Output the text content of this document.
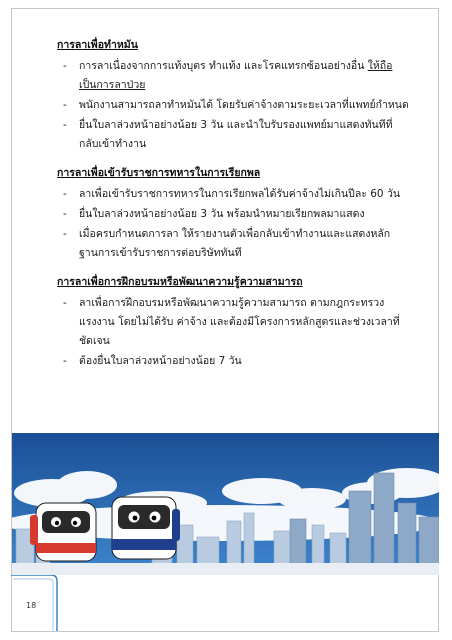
การลาเพื่อทำหมัน
- การลาเนื่องจากการแท้งบุตร ทำแท้ง และโรคแทรกซ้อนอย่างอื่น ให้ถือเป็นการลาป่วย
- พนักงานสามารถลาทำหมันได้ โดยรับค่าจ้างตามระยะเวลาที่แพทย์กำหนด
- ยื่นใบลาล่วงหน้าอย่างน้อย 3 วัน และนำใบรับรองแพทย์มาแสดงทันทีที่กลับเข้าทำงาน
การลาเพื่อเข้ารับราชการทหารในการเรียกพล
- ลาเพื่อเข้ารับราชการทหารในการเรียกพลได้รับค่าจ้างไม่เกินปีละ 60 วัน
- ยื่นใบลาล่วงหน้าอย่างน้อย 3 วัน พร้อมนำหมายเรียกพลมาแสดง
- เมื่อครบกำหนดการลา ให้รายงานตัวเพื่อกลับเข้าทำงานและแสดงหลักฐานการเข้ารับราชการต่อบริษัททันที
การลาเพื่อการฝึกอบรมหรือพัฒนาความรู้ความสามารถ
- ลาเพื่อการฝึกอบรมหรือพัฒนาความรู้ความสามารถ ตามกฎกระทรวงแรงงาน โดยไม่ได้รับ ค่าจ้าง และต้องมีโครงการหลักสูตรและช่วงเวลาที่ชัดเจน
- ต้องยื่นใบลาล่วงหน้าอย่างน้อย 7 วัน
18
